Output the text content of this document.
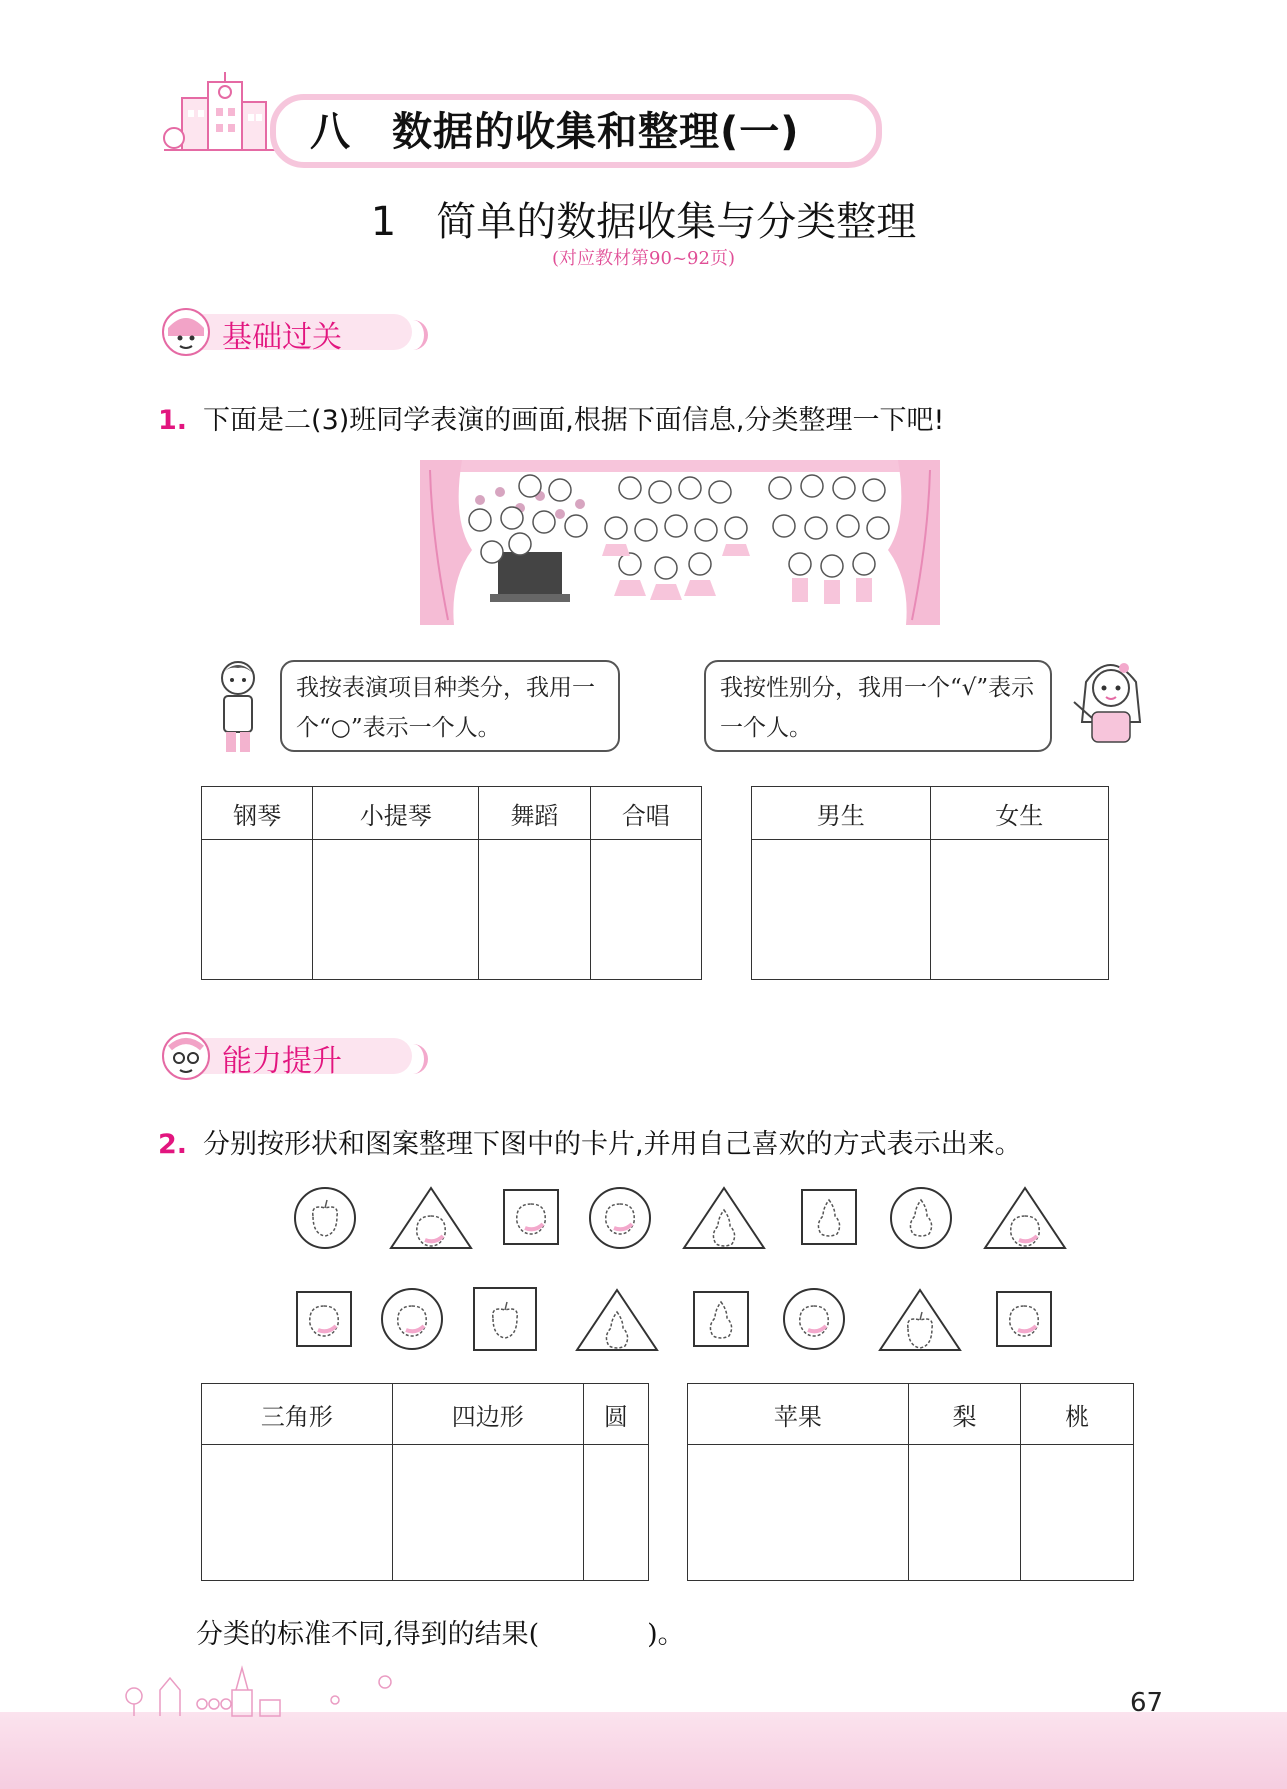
八　数据的收集和整理(一)
1　简单的数据收集与分类整理
(对应教材第90~92页)
基础过关
1. 下面是二(3)班同学表演的画面,根据下面信息,分类整理一下吧!
我按表演项目种类分，我用一个“○”表示一个人。
我按性别分，我用一个“√”表示一个人。
钢琴	小提琴	舞蹈	合唱
				男生	女生

能力提升
2. 分别按形状和图案整理下图中的卡片,并用自己喜欢的方式表示出来。
三角形	四边形	圆
			苹果	梨	桃

分类的标准不同,得到的结果(　　　　)。
67
